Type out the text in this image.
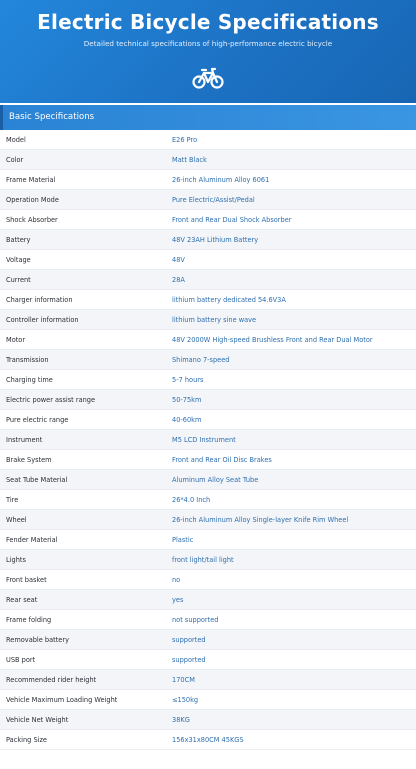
Electric Bicycle Specifications
Detailed technical specifications of high-performance electric bicycle
Basic Specifications
Model	E26 Pro
Color	Matt Black
Frame Material	26-inch Aluminum Alloy 6061
Operation Mode	Pure Electric/Assist/Pedal
Shock Absorber	Front and Rear Dual Shock Absorber
Battery	48V 23AH Lithium Battery
Voltage	48V
Current	28A
Charger information	lithium battery dedicated 54.6V3A
Controller information	lithium battery sine wave
Motor	48V 2000W High-speed Brushless Front and Rear Dual Motor
Transmission	Shimano 7-speed
Charging time	5-7 hours
Electric power assist range	50-75km
Pure electric range	40-60km
Instrument	M5 LCD Instrument
Brake System	Front and Rear Oil Disc Brakes
Seat Tube Material	Aluminum Alloy Seat Tube
Tire	26*4.0 Inch
Wheel	26-inch Aluminum Alloy Single-layer Knife Rim Wheel
Fender Material	Plastic
Lights	front light/tail light
Front basket	no
Rear seat	yes
Frame folding	not supported
Removable battery	supported
USB port	supported
Recommended rider height	170CM
Vehicle Maximum Loading Weight	≤150kg
Vehicle Net Weight	38KG
Packing Size	156x31x80CM 45KGS
